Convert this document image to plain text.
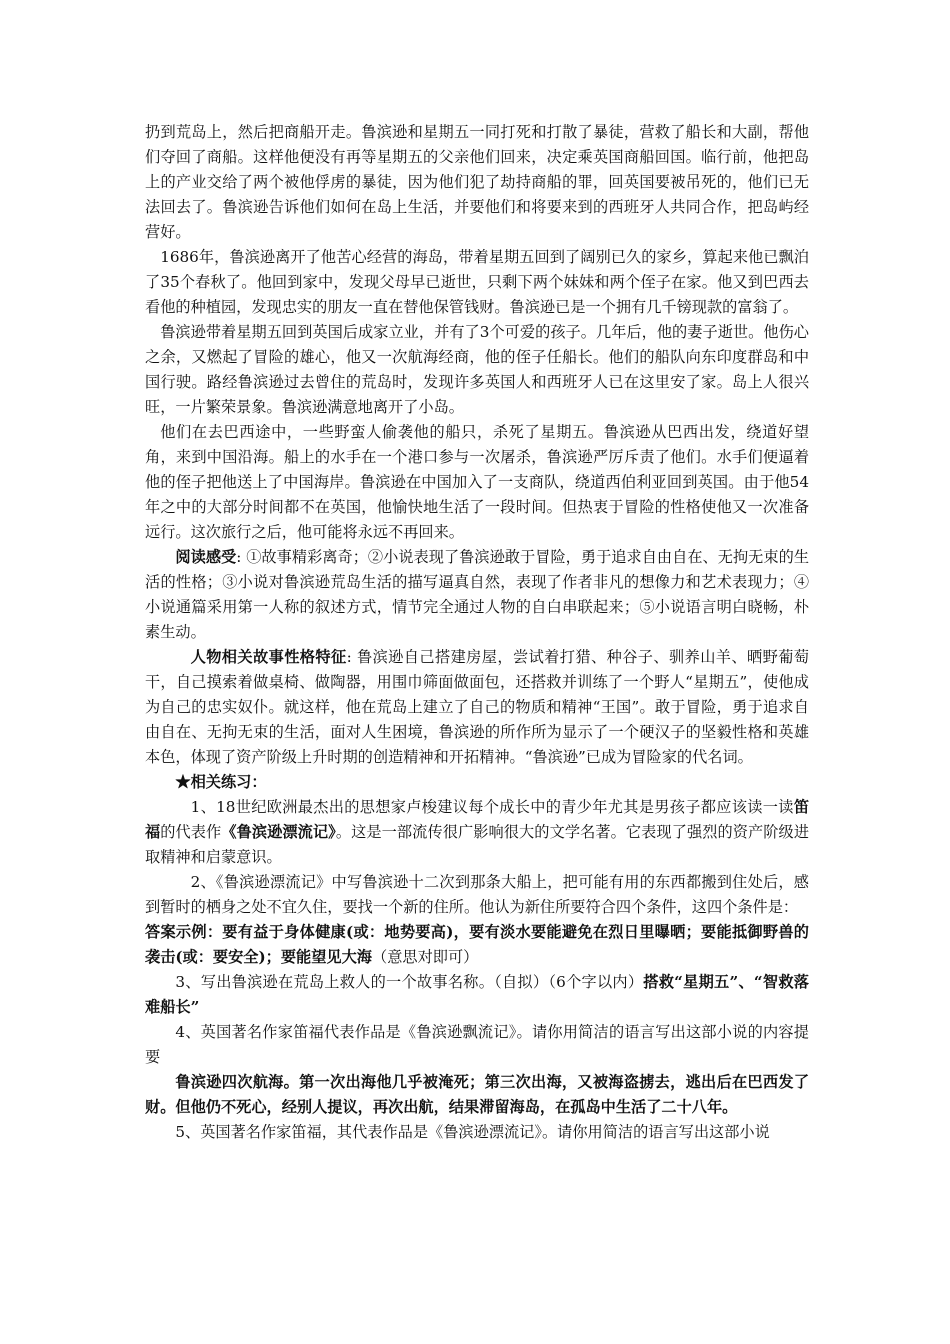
扔到荒岛上，然后把商船开走。鲁滨逊和星期五一同打死和打散了暴徒，营救了船长和大副，帮他们夺回了商船。这样他便没有再等星期五的父亲他们回来，决定乘英国商船回国。临行前，他把岛上的产业交给了两个被他俘虏的暴徒，因为他们犯了劫持商船的罪，回英国要被吊死的，他们已无法回去了。鲁滨逊告诉他们如何在岛上生活，并要他们和将要来到的西班牙人共同合作，把岛屿经营好。

1686年，鲁滨逊离开了他苦心经营的海岛，带着星期五回到了阔别已久的家乡，算起来他已飘泊了35个春秋了。他回到家中，发现父母早已逝世，只剩下两个妹妹和两个侄子在家。他又到巴西去看他的种植园，发现忠实的朋友一直在替他保管钱财。鲁滨逊已是一个拥有几千镑现款的富翁了。

鲁滨逊带着星期五回到英国后成家立业，并有了3个可爱的孩子。几年后，他的妻子逝世。他伤心之余，又燃起了冒险的雄心，他又一次航海经商，他的侄子任船长。他们的船队向东印度群岛和中国行驶。路经鲁滨逊过去曾住的荒岛时，发现许多英国人和西班牙人已在这里安了家。岛上人很兴旺，一片繁荣景象。鲁滨逊满意地离开了小岛。

他们在去巴西途中，一些野蛮人偷袭他的船只，杀死了星期五。鲁滨逊从巴西出发，绕道好望角，来到中国沿海。船上的水手在一个港口参与一次屠杀，鲁滨逊严厉斥责了他们。水手们便逼着他的侄子把他送上了中国海岸。鲁滨逊在中国加入了一支商队，绕道西伯利亚回到英国。由于他54年之中的大部分时间都不在英国，他愉快地生活了一段时间。但热衷于冒险的性格使他又一次准备远行。这次旅行之后，他可能将永远不再回来。

阅读感受: ①故事精彩离奇；②小说表现了鲁滨逊敢于冒险，勇于追求自由自在、无拘无束的生活的性格；③小说对鲁滨逊荒岛生活的描写逼真自然，表现了作者非凡的想像力和艺术表现力；④小说通篇采用第一人称的叙述方式，情节完全通过人物的自白串联起来；⑤小说语言明白晓畅，朴素生动。

人物相关故事性格特征: 鲁滨逊自己搭建房屋，尝试着打猎、种谷子、驯养山羊、晒野葡萄干，自己摸索着做桌椅、做陶器，用围巾筛面做面包，还搭救并训练了一个野人“星期五”，使他成为自己的忠实奴仆。就这样，他在荒岛上建立了自己的物质和精神“王国”。敢于冒险，勇于追求自由自在、无拘无束的生活，面对人生困境，鲁滨逊的所作所为显示了一个硬汉子的坚毅性格和英雄本色，体现了资产阶级上升时期的创造精神和开拓精神。“鲁滨逊”已成为冒险家的代名词。

★相关练习：

1、18世纪欧洲最杰出的思想家卢梭建议每个成长中的青少年尤其是男孩子都应该读一读笛福的代表作《鲁滨逊漂流记》。这是一部流传很广影响很大的文学名著。它表现了强烈的资产阶级进取精神和启蒙意识。

2、《鲁滨逊漂流记》中写鲁滨逊十二次到那条大船上，把可能有用的东西都搬到住处后，感到暂时的栖身之处不宜久住，要找一个新的住所。他认为新住所要符合四个条件，这四个条件是：

答案示例：要有益于身体健康(或：地势要高)，要有淡水要能避免在烈日里曝晒；要能抵御野兽的袭击(或：要安全)；要能望见大海（意思对即可）

3、写出鲁滨逊在荒岛上救人的一个故事名称。（自拟）（6个字以内）搭救“星期五”、“智救落难船长”

4、英国著名作家笛福代表作品是《鲁滨逊飘流记》。请你用简洁的语言写出这部小说的内容提要

鲁滨逊四次航海。第一次出海他几乎被淹死；第三次出海，又被海盗掳去，逃出后在巴西发了财。但他仍不死心，经别人提议，再次出航，结果滞留海岛，在孤岛中生活了二十八年。

5、英国著名作家笛福，其代表作品是《鲁滨逊漂流记》。请你用简洁的语言写出这部小说
